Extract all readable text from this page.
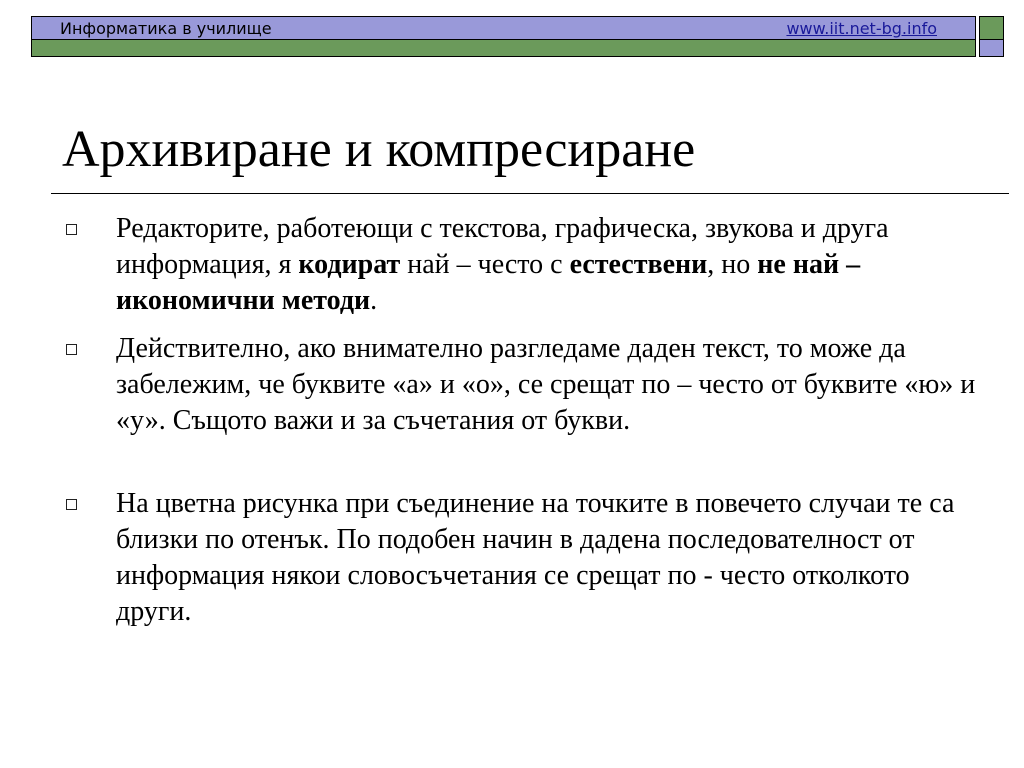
Информатика в училище	www.iit.net-bg.info
Архивиране и компресиране
Редакторите, работеющи с текстова, графическа, звукова и друга информация, я кодират най – често с естествени, но не най – икономични методи.
Действително, ако внимателно разгледаме даден текст, то може да забележим, че буквите «а» и «о», се срещат по – често от буквите «ю» и «у». Същото важи и за съчетания от букви.
На цветна рисунка при съединение на точките в повечето случаи те са близки по отенък. По подобен начин в дадена последователност от информация някои словосъчетания се срещат по - често отколкото други.
